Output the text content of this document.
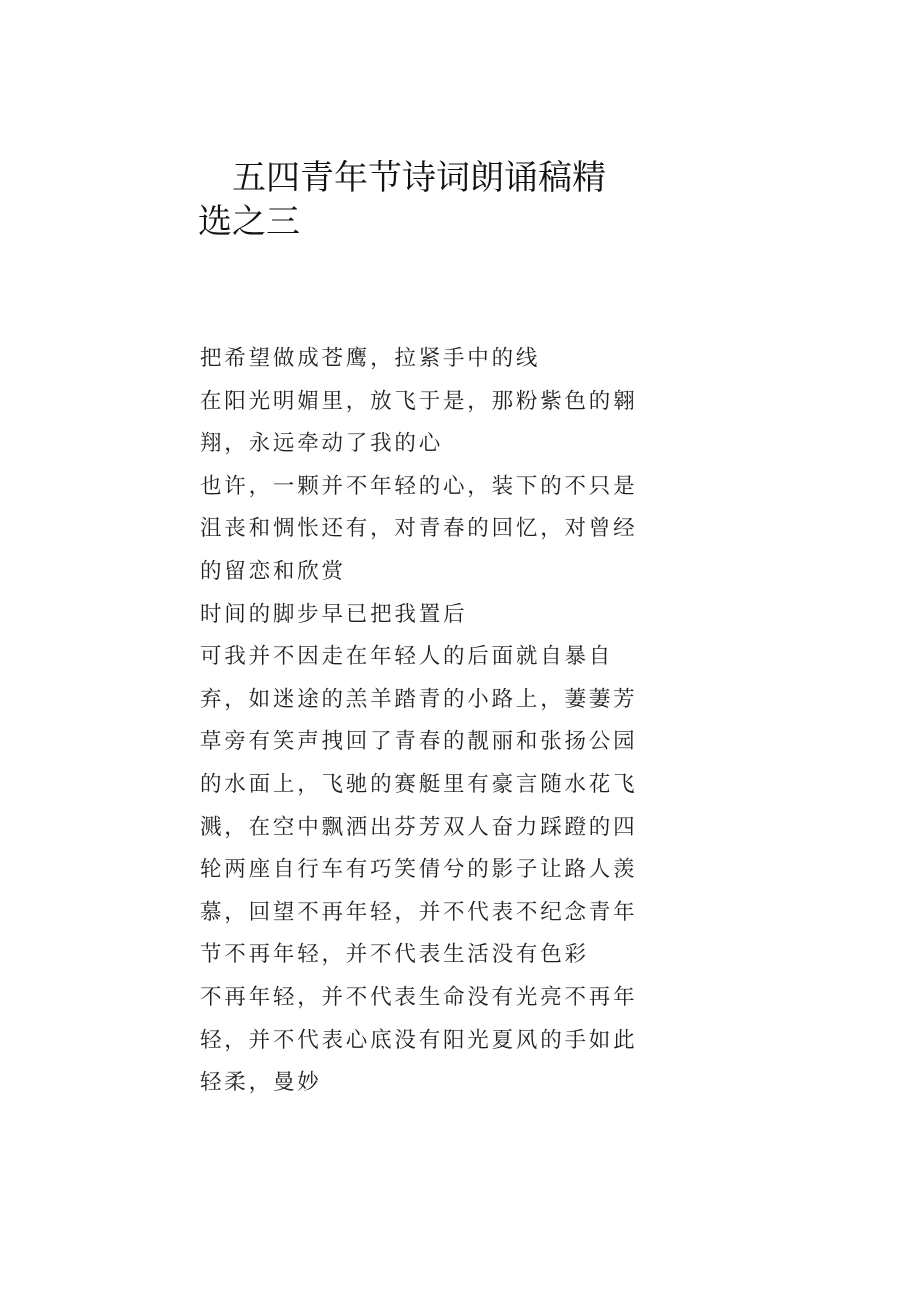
五四青年节诗词朗诵稿精选之三
把希望做成苍鹰，拉紧手中的线
在阳光明媚里，放飞于是，那粉紫色的翱
翔，永远牵动了我的心
也许，一颗并不年轻的心，装下的不只是
沮丧和惆怅还有，对青春的回忆，对曾经
的留恋和欣赏
时间的脚步早已把我置后
可我并不因走在年轻人的后面就自暴自
弃，如迷途的羔羊踏青的小路上，萋萋芳
草旁有笑声拽回了青春的靓丽和张扬公园
的水面上，飞驰的赛艇里有豪言随水花飞
溅，在空中飘洒出芬芳双人奋力踩蹬的四
轮两座自行车有巧笑倩兮的影子让路人羡
慕，回望不再年轻，并不代表不纪念青年
节不再年轻，并不代表生活没有色彩
不再年轻，并不代表生命没有光亮不再年
轻，并不代表心底没有阳光夏风的手如此
轻柔，曼妙
